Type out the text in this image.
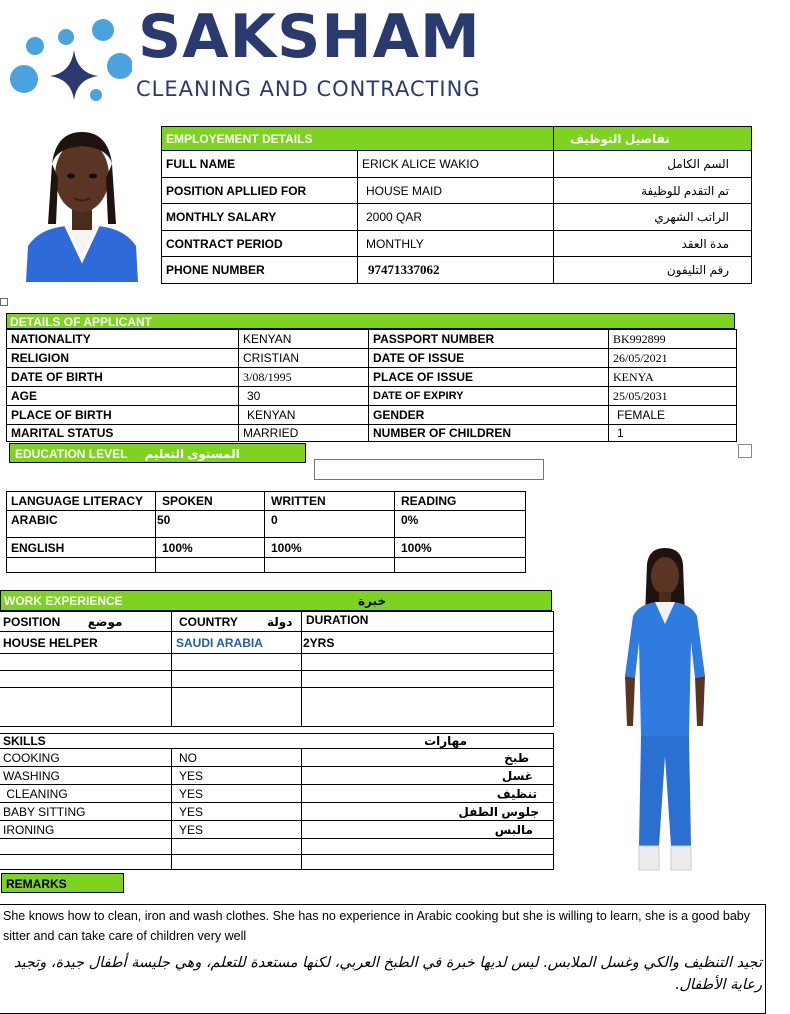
SAKSHAM
CLEANING AND CONTRACTING
EMPLOYEMENT DETAILS		تفاصيل التوظيف
FULL NAME	ERICK ALICE WAKIO	السم الكامل
POSITION APLLIED FOR	HOUSE MAID	تم التقدم للوظيفة
MONTHLY SALARY	2000 QAR	الراتب الشهري
CONTRACT PERIOD	MONTHLY	مدة العقد
PHONE NUMBER	97471337062	رقم التليفون
DETAILS OF APPLICANT
NATIONALITY	KENYAN	PASSPORT NUMBER	BK992899
RELIGION	CRISTIAN	DATE OF ISSUE	26/05/2021
DATE OF BIRTH	3/08/1995	PLACE OF ISSUE	KENYA
AGE	30	DATE OF EXPIRY	25/05/2031
PLACE OF BIRTH	KENYAN	GENDER	FEMALE
MARITAL STATUS	MARRIED	NUMBER OF CHILDREN	1
EDUCATION LEVEL المستوى التعليم
LANGUAGE LITERACY	SPOKEN	WRITTEN	READING
ARABIC	50	0	0%
ENGLISH	100%	100%	100%

WORK EXPERIENCE	خبرة
POSITION موضع	COUNTRY دولة	DURATION
HOUSE HELPER	SAUDI ARABIA	2YRS

SKILLS		مهارات
COOKING	NO	طبخ
WASHING	YES	غسل
CLEANING	YES	تنظيف
BABY SITTING	YES	جلوس الطفل
IRONING	YES	مالبس

REMARKS
She knows how to clean, iron and wash clothes. She has no experience in Arabic cooking but she is willing to learn, she is a good baby sitter and can take care of children very well
تجيد التنظيف والكي وغسل الملابس. ليس لديها خبرة في الطبخ العربي، لكنها مستعدة للتعلم، وهي جليسة أطفال جيدة، وتجيد رعاية الأطفال.
